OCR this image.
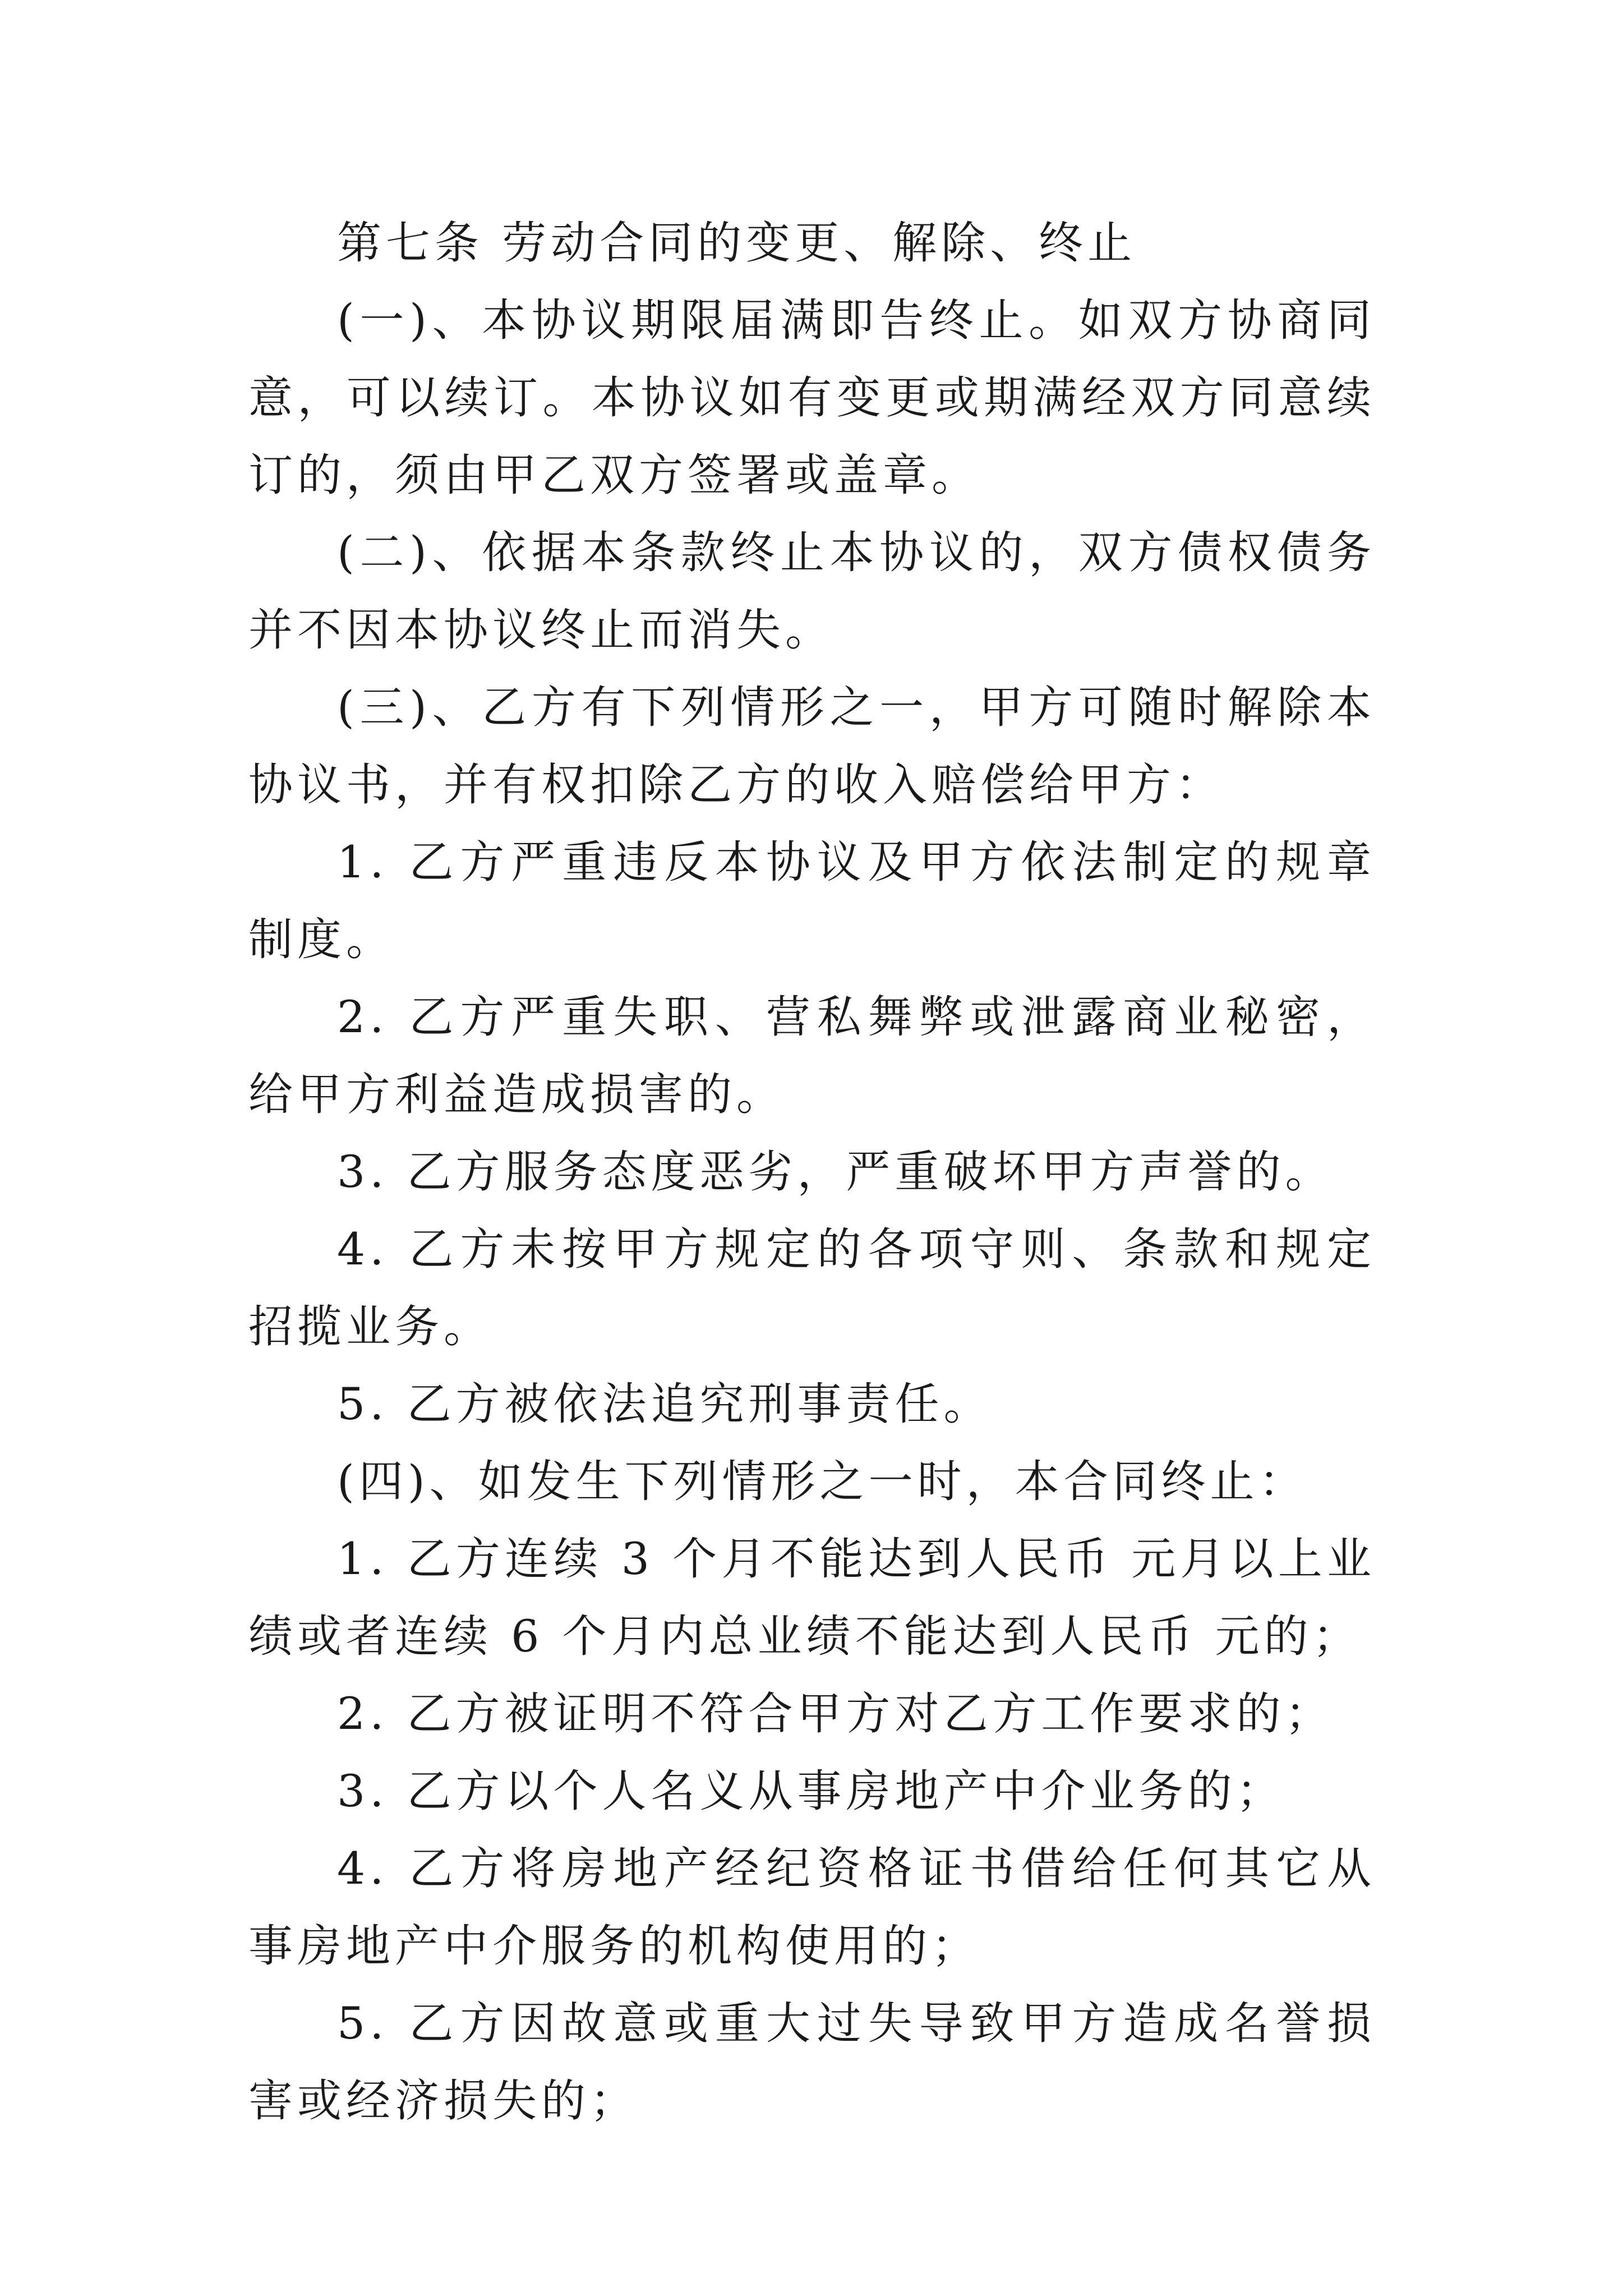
第七条 劳动合同的变更、解除、终止

(一)、本协议期限届满即告终止。如双方协商同意，可以续订。本协议如有变更或期满经双方同意续订的，须由甲乙双方签署或盖章。

(二)、依据本条款终止本协议的，双方债权债务并不因本协议终止而消失。

(三)、乙方有下列情形之一，甲方可随时解除本协议书，并有权扣除乙方的收入赔偿给甲方：

1. 乙方严重违反本协议及甲方依法制定的规章制度。

2. 乙方严重失职、营私舞弊或泄露商业秘密，给甲方利益造成损害的。

3. 乙方服务态度恶劣，严重破坏甲方声誉的。

4. 乙方未按甲方规定的各项守则、条款和规定招揽业务。

5. 乙方被依法追究刑事责任。

(四)、如发生下列情形之一时，本合同终止：

1. 乙方连续 3 个月不能达到人民币 元月以上业绩或者连续 6 个月内总业绩不能达到人民币 元的；

2. 乙方被证明不符合甲方对乙方工作要求的；

3. 乙方以个人名义从事房地产中介业务的；

4. 乙方将房地产经纪资格证书借给任何其它从事房地产中介服务的机构使用的；

5. 乙方因故意或重大过失导致甲方造成名誉损害或经济损失的；
